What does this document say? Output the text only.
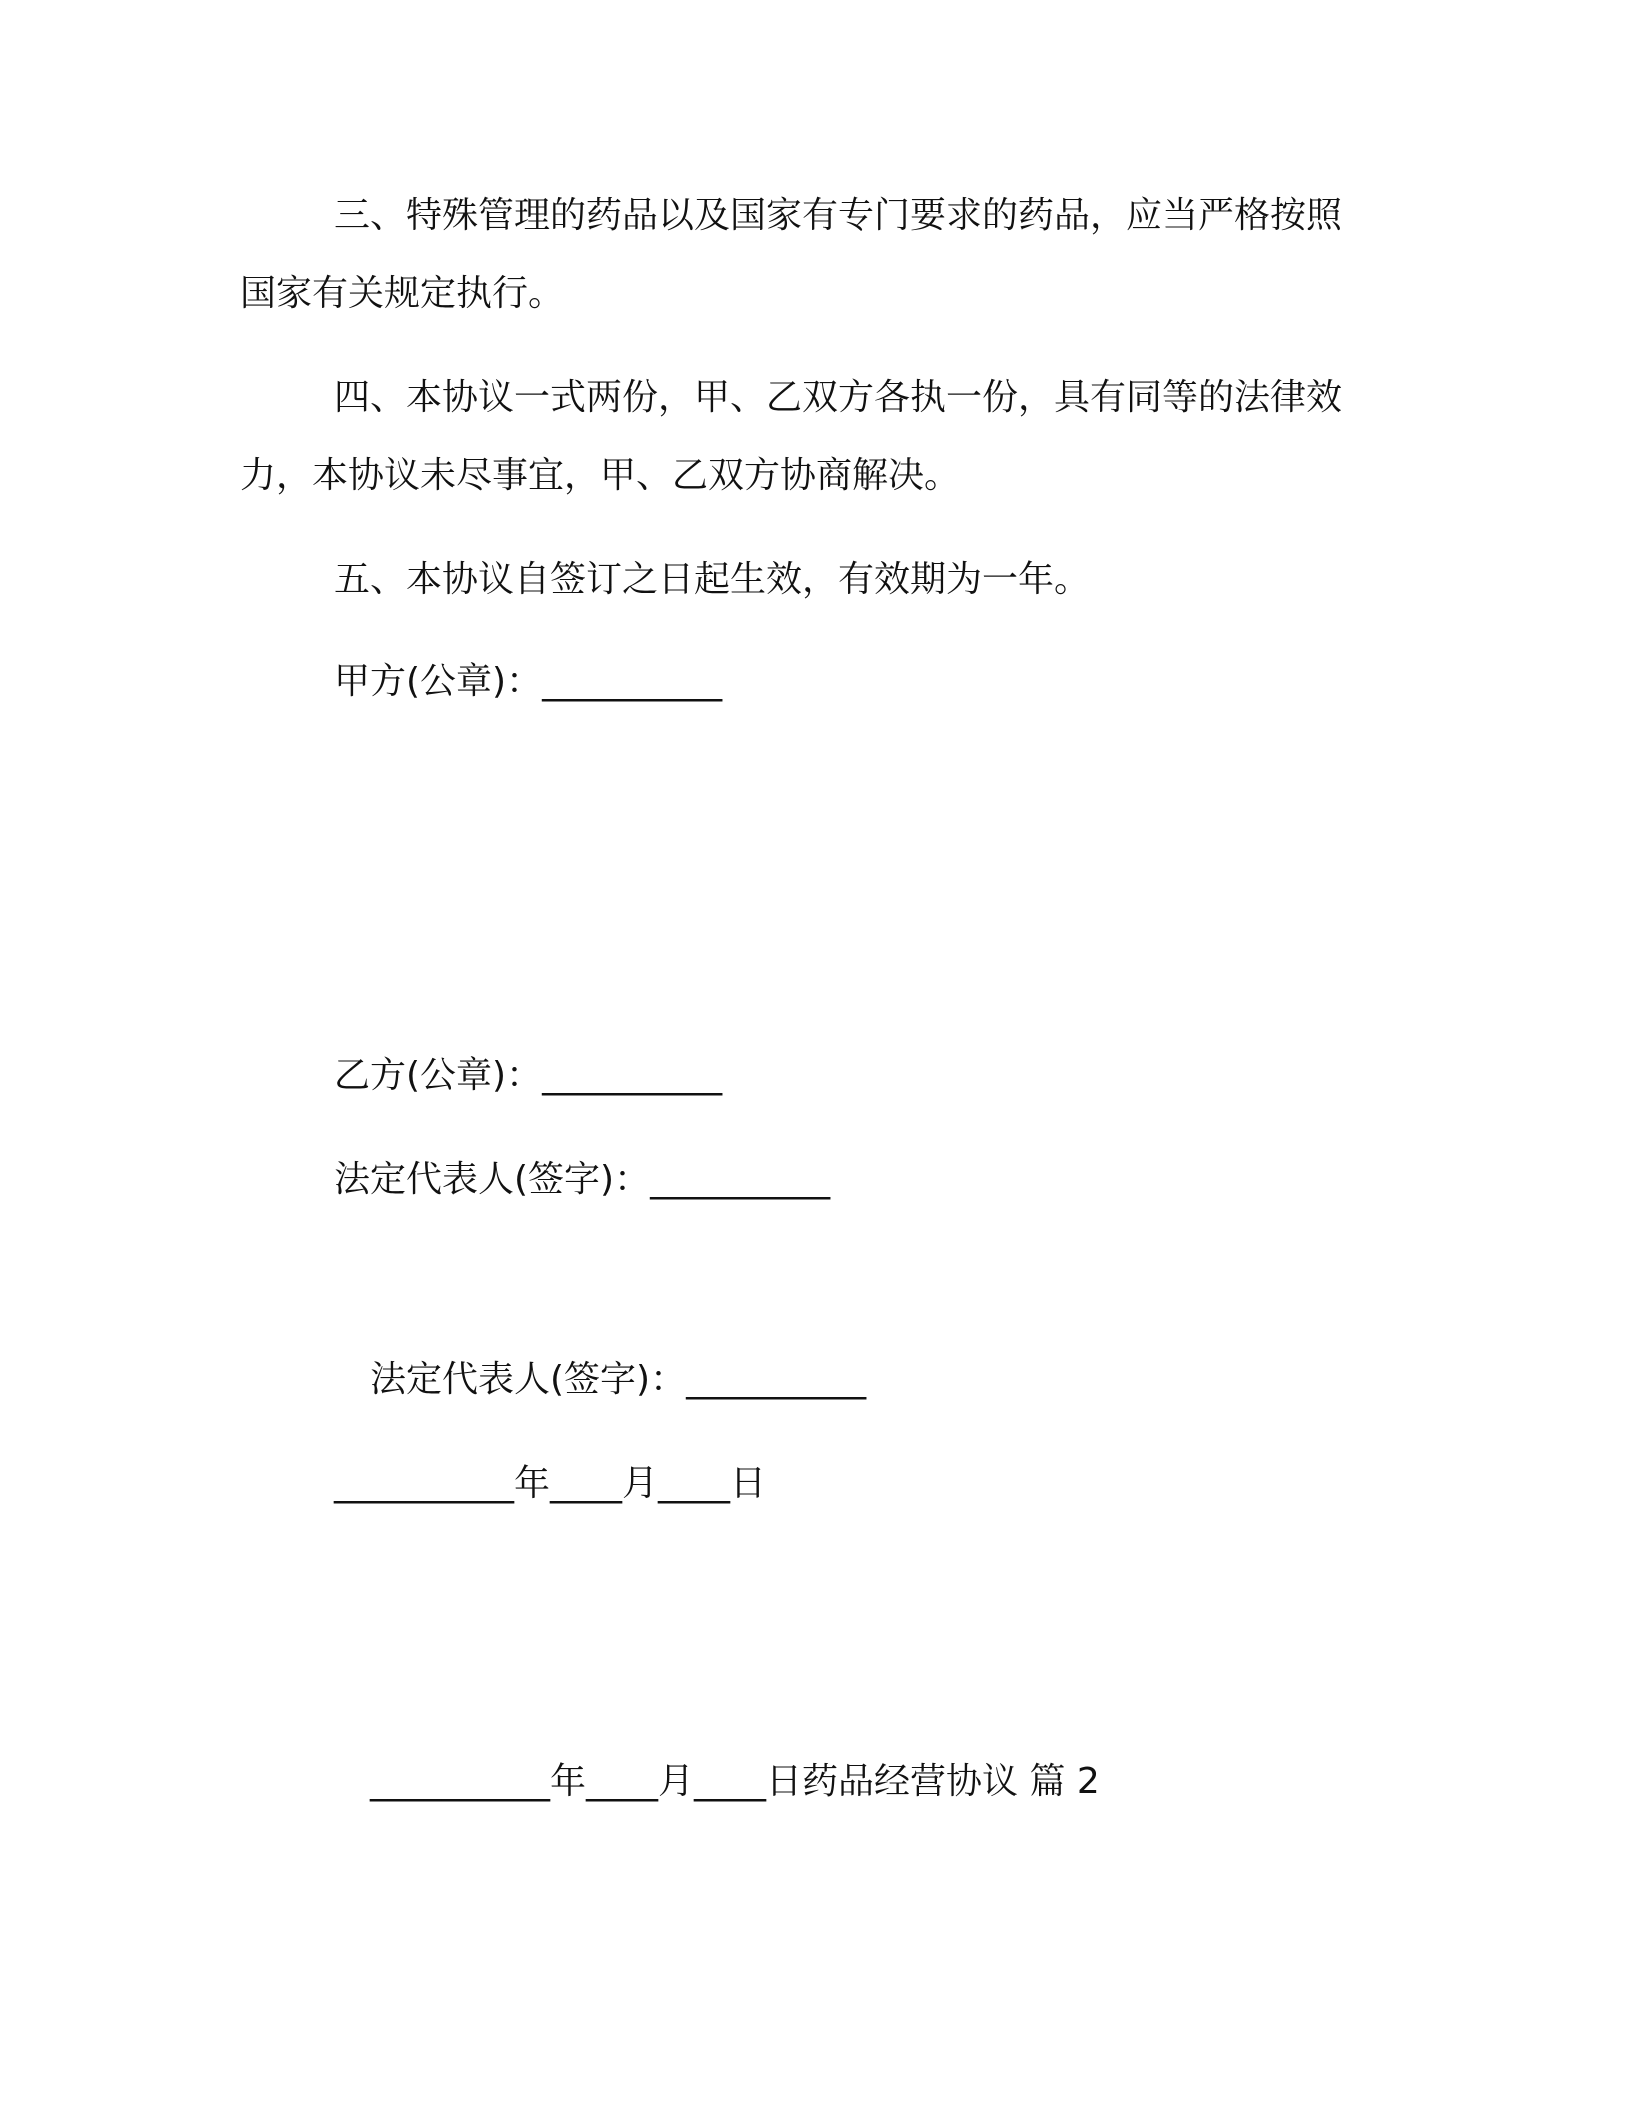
三、特殊管理的药品以及国家有专门要求的药品，应当严格按照
国家有关规定执行。
四、本协议一式两份，甲、乙双方各执一份，具有同等的法律效
力，本协议未尽事宜，甲、乙双方协商解决。
五、本协议自签订之日起生效，有效期为一年。
甲方(公章)：__________
乙方(公章)：__________
法定代表人(签字)：__________
法定代表人(签字)：__________
__________年____月____日
__________年____月____日药品经营协议 篇 2
